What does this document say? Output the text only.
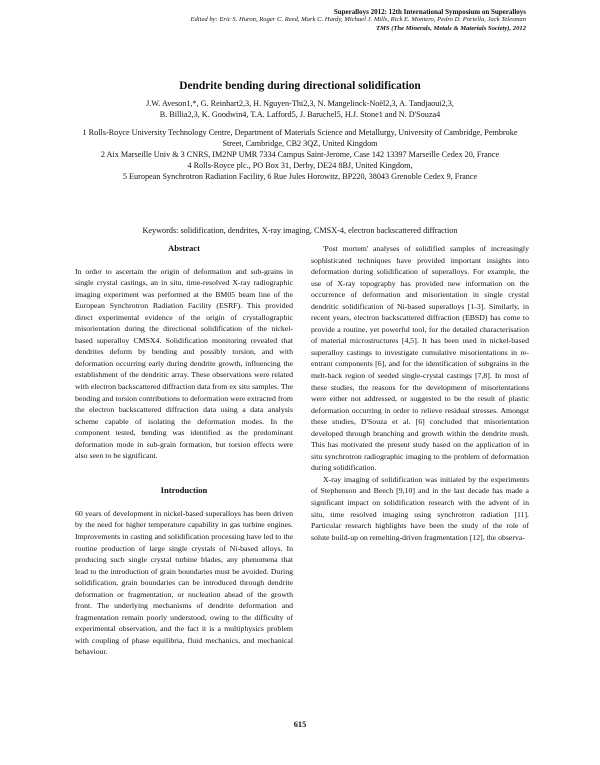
Superalloys 2012: 12th International Symposium on Superalloys
Edited by: Eric S. Huron, Roger C. Reed, Mark C. Hardy, Michael J. Mills, Rick E. Montero, Pedro D. Portella, Jack Telesman
TMS (The Minerals, Metals & Materials Society), 2012
Dendrite bending during directional solidification
J.W. Aveson1,*, G. Reinhart2,3, H. Nguyen-Thi2,3, N. Mangelinck-Noël2,3, A. Tandjaoui2,3,
B. Billia2,3, K. Goodwin4, T.A. Lafford5, J. Baruchel5, H.J. Stone1 and N. D'Souza4

1 Rolls-Royce University Technology Centre, Department of Materials Science and Metallurgy, University of Cambridge, Pembroke Street, Cambridge, CB2 3QZ, United Kingdom

2 Aix Marseille Univ & 3 CNRS, IM2NP UMR 7334 Campus Saint-Jerome, Case 142 13397 Marseille Cedex 20, France

4 Rolls-Royce plc., PO Box 31, Derby, DE24 8BJ, United Kingdom,

5 European Synchrotron Radiation Facility, 6 Rue Jules Horowitz, BP220, 38043 Grenoble Cedex 9, France

Keywords: solidification, dendrites, X-ray imaging, CMSX-4, electron backscattered diffraction
Abstract

In order to ascertain the origin of deformation and sub-grains in single crystal castings, an in situ, time-resolved X-ray radiographic imaging experiment was performed at the BM05 beam line of the European Synchrotron Radiation Facility (ESRF). This provided direct experimental evidence of the origin of crystallographic misorientation during the directional solidification of the nickel-based superalloy CMSX4. Solidification monitoring revealed that dendrites deform by bending and possibly torsion, and with deformation occurring early during dendrite growth, influencing the establishment of the dendritic array. These observations were related with electron backscattered diffraction data from ex situ samples. The bending and torsion contributions to deformation were extracted from the electron backscattered diffraction data using a data analysis scheme capable of isolating the deformation modes. In the component tested, bending was identified as the predominant deformation mode in sub-grain formation, but torsion effects were also seen to be significant.

Introduction

60 years of development in nickel-based superalloys has been driven by the need for higher temperature capability in gas turbine engines. Improvements in casting and solidification processing have led to the routine production of large single crystals of Ni-based alloys. In producing such single crystal turbine blades, any phenomena that lead to the introduction of grain boundaries must be avoided. During solidification, grain boundaries can be introduced through dendrite deformation or fragmentation, or nucleation ahead of the growth front. The underlying mechanisms of dendrite deformation and fragmentation remain poorly understood, owing to the difficulty of experimental observation, and the fact it is a multiphysics problem with coupling of phase equilibria, fluid mechanics, and mechanical behaviour.

'Post mortem' analyses of solidified samples of increasingly sophisticated techniques have provided important insights into deformation during solidification of superalloys. For example, the use of X-ray topography has provided new information on the occurrence of deformation and misorientation in single crystal dendritic solidification of Ni-based superalloys [1-3]. Similarly, in recent years, electron backscattered diffraction (EBSD) has come to provide a routine, yet powerful tool, for the detailed characterisation of material microstructures [4,5]. It has been used in nickel-based superalloy castings to investigate cumulative misorientations in re-entrant components [6], and for the identification of subgrains in the melt-back region of seeded single-crystal castings [7,8]. In most of these studies, the reasons for the development of misorientations were either not addressed, or suggested to be the result of plastic deformation occurring in order to relieve residual stresses. Amongst these studies, D'Souza et al. [6] concluded that misorientation developed through branching and growth within the dendrite mush. This has motivated the present study based on the application of in situ synchrotron radiographic imaging to the problem of deformation during solidification.

X-ray imaging of solidification was initiated by the experiments of Stephenson and Beech [9,10] and in the last decade has made a significant impact on solidification research with the advent of in situ, time resolved imaging using synchrotron radiation [11]. Particular research highlights have been the study of the role of solute build-up on remelting-driven fragmentation [12], the observa-

615
